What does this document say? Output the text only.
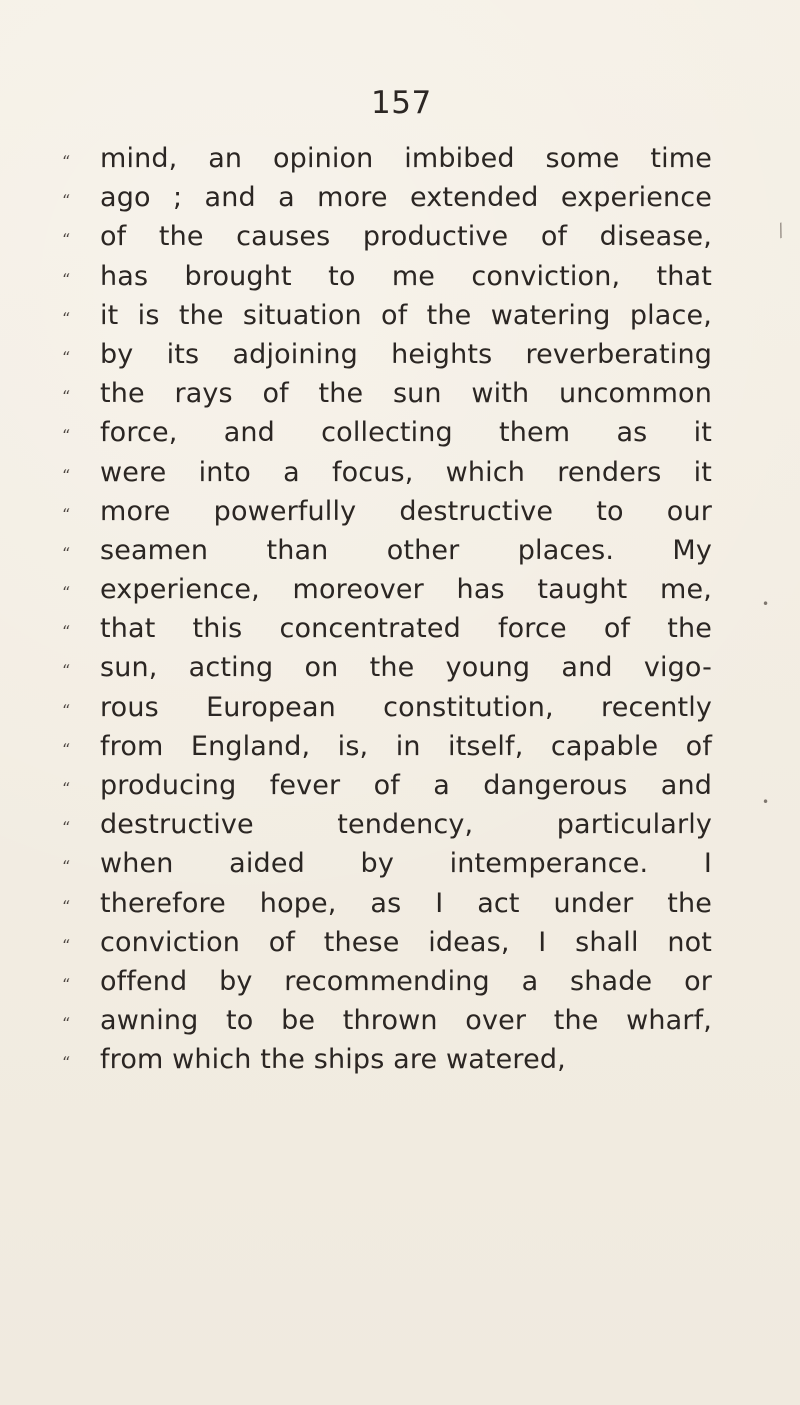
157
/
•
•
“ mind, an opinion imbibed some time
“ ago ; and a more extended experience
“ of the causes productive of disease,
“ has brought to me conviction, that
“ it is the situation of the watering place,
“ by its adjoining heights reverberating
“ the rays of the sun with uncommon
“ force, and collecting them as it
“ were into a focus, which renders it
“ more powerfully destructive to our
“ seamen than other places. My
“ experience, moreover has taught me,
“ that this concentrated force of the
“ sun, acting on the young and vigo-
“ rous European constitution, recently
“ from England, is, in itself, capable of
“ producing fever of a dangerous and
“ destructive tendency, particularly
“ when aided by intemperance. I
“ therefore hope, as I act under the
“ conviction of these ideas, I shall not
“ offend by recommending a shade or
“ awning to be thrown over the wharf,
“ from which the ships are watered,
